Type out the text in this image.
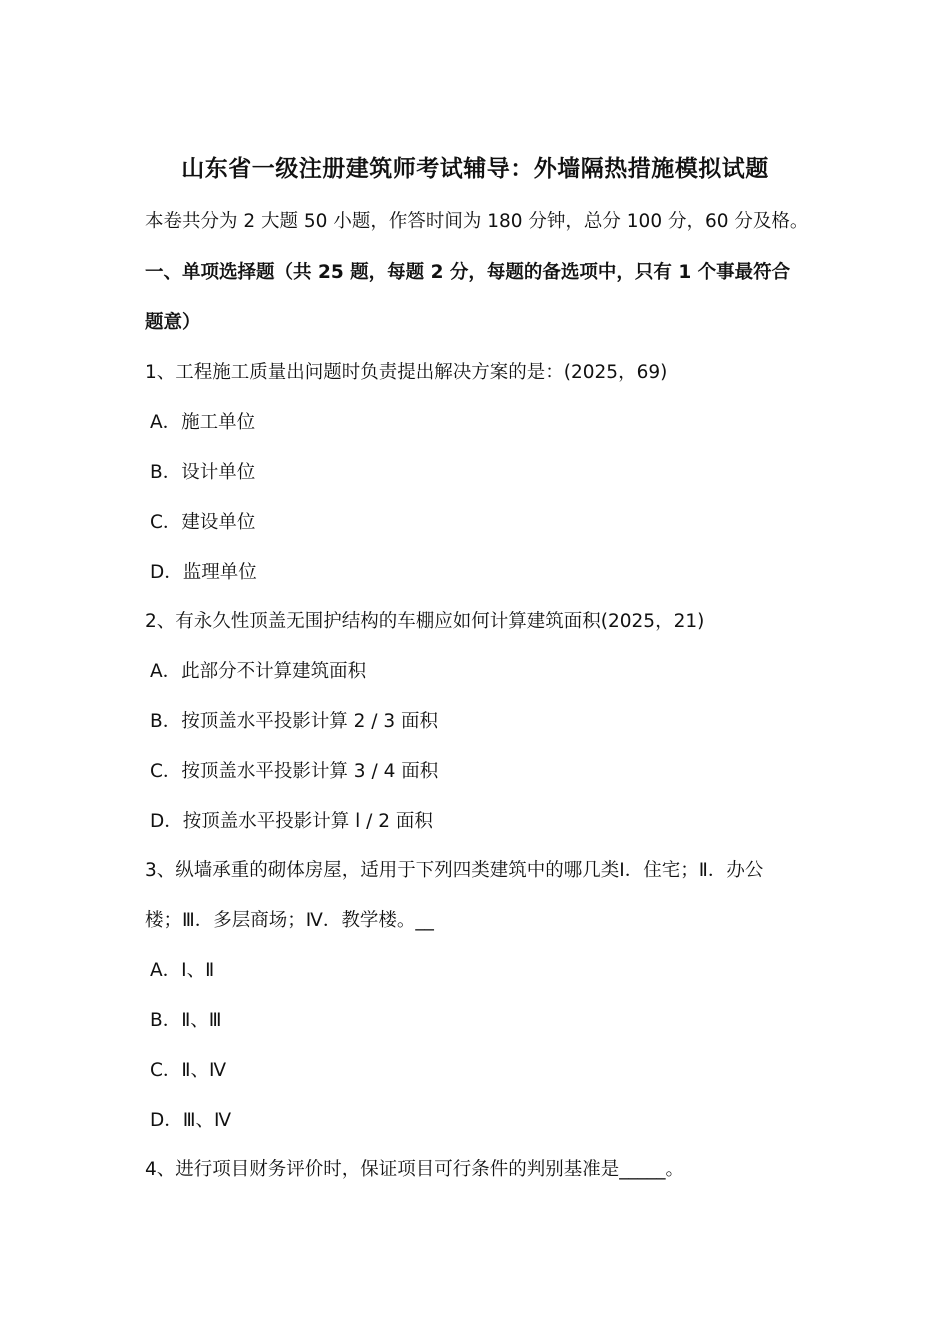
山东省一级注册建筑师考试辅导：外墙隔热措施模拟试题
本卷共分为 2 大题 50 小题，作答时间为 180 分钟，总分 100 分，60 分及格。
一、单项选择题（共 25 题，每题 2 分，每题的备选项中，只有 1 个事最符合
题意）
1、工程施工质量出问题时负责提出解决方案的是：(2025，69)
A．施工单位
B．设计单位
C．建设单位
D．监理单位
2、有永久性顶盖无围护结构的车棚应如何计算建筑面积(2025，21)
A．此部分不计算建筑面积
B．按顶盖水平投影计算 2 / 3 面积
C．按顶盖水平投影计算 3 / 4 面积
D．按顶盖水平投影计算 l / 2 面积
3、纵墙承重的砌体房屋，适用于下列四类建筑中的哪几类Ⅰ．住宅；Ⅱ．办公
楼；Ⅲ．多层商场；Ⅳ．教学楼。__
A．Ⅰ、Ⅱ
B．Ⅱ、Ⅲ
C．Ⅱ、Ⅳ
D．Ⅲ、Ⅳ
4、进行项目财务评价时，保证项目可行条件的判别基准是_____。
